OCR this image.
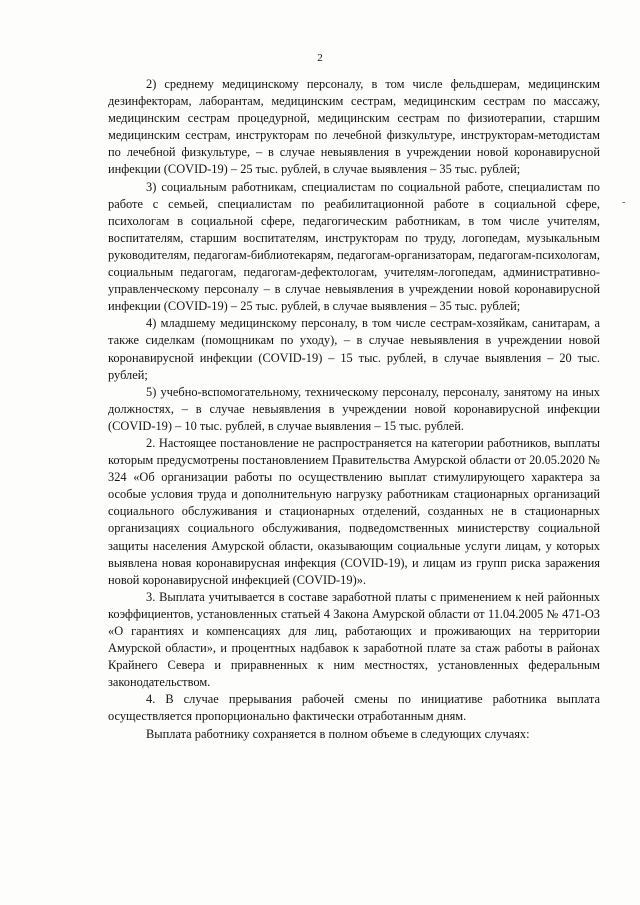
2
-

2) среднему медицинскому персоналу, в том числе фельдшерам, медицинским дезинфекторам, лаборантам, медицинским сестрам, медицинским сестрам по массажу, медицинским сестрам процедурной, медицинским сестрам по физиотерапии, старшим медицинским сестрам, инструкторам по лечебной физкультуре, инструкторам-методистам по лечебной физкультуре, – в случае невыявления в учреждении новой коронавирусной инфекции (COVID-19) – 25 тыс. рублей, в случае выявления – 35 тыс. рублей;

3) социальным работникам, специалистам по социальной работе, специалистам по работе с семьей, специалистам по реабилитационной работе в социальной сфере, психологам в социальной сфере, педагогическим работникам, в том числе учителям, воспитателям, старшим воспитателям, инструкторам по труду, логопедам, музыкальным руководителям, педагогам-библиотекарям, педагогам-организаторам, педагогам-психологам, социальным педагогам, педагогам-дефектологам, учителям-логопедам, административно-управленческому персоналу – в случае невыявления в учреждении новой коронавирусной инфекции (COVID-19) – 25 тыс. рублей, в случае выявления – 35 тыс. рублей;

4) младшему медицинскому персоналу, в том числе сестрам-хозяйкам, санитарам, а также сиделкам (помощникам по уходу), – в случае невыявления в учреждении новой коронавирусной инфекции (COVID-19) – 15 тыс. рублей, в случае выявления – 20 тыс. рублей;

5) учебно-вспомогательному, техническому персоналу, персоналу, занятому на иных должностях, – в случае невыявления в учреждении новой коронавирусной инфекции (COVID-19) – 10 тыс. рублей, в случае выявления – 15 тыс. рублей.

2. Настоящее постановление не распространяется на категории работников, выплаты которым предусмотрены постановлением Правительства Амурской области от 20.05.2020 № 324 «Об организации работы по осуществлению выплат стимулирующего характера за особые условия труда и дополнительную нагрузку работникам стационарных организаций социального обслуживания и стационарных отделений, созданных не в стационарных организациях социального обслуживания, подведомственных министерству социальной защиты населения Амурской области, оказывающим социальные услуги лицам, у которых выявлена новая коронавирусная инфекция (COVID-19), и лицам из групп риска заражения новой коронавирусной инфекцией (COVID-19)».

3. Выплата учитывается в составе заработной платы с применением к ней районных коэффициентов, установленных статьей 4 Закона Амурской области от 11.04.2005 № 471-ОЗ «О гарантиях и компенсациях для лиц, работающих и проживающих на территории Амурской области», и процентных надбавок к заработной плате за стаж работы в районах Крайнего Севера и приравненных к ним местностях, установленных федеральным законодательством.

4. В случае прерывания рабочей смены по инициативе работника выплата осуществляется пропорционально фактически отработанным дням.

Выплата работнику сохраняется в полном объеме в следующих случаях:
